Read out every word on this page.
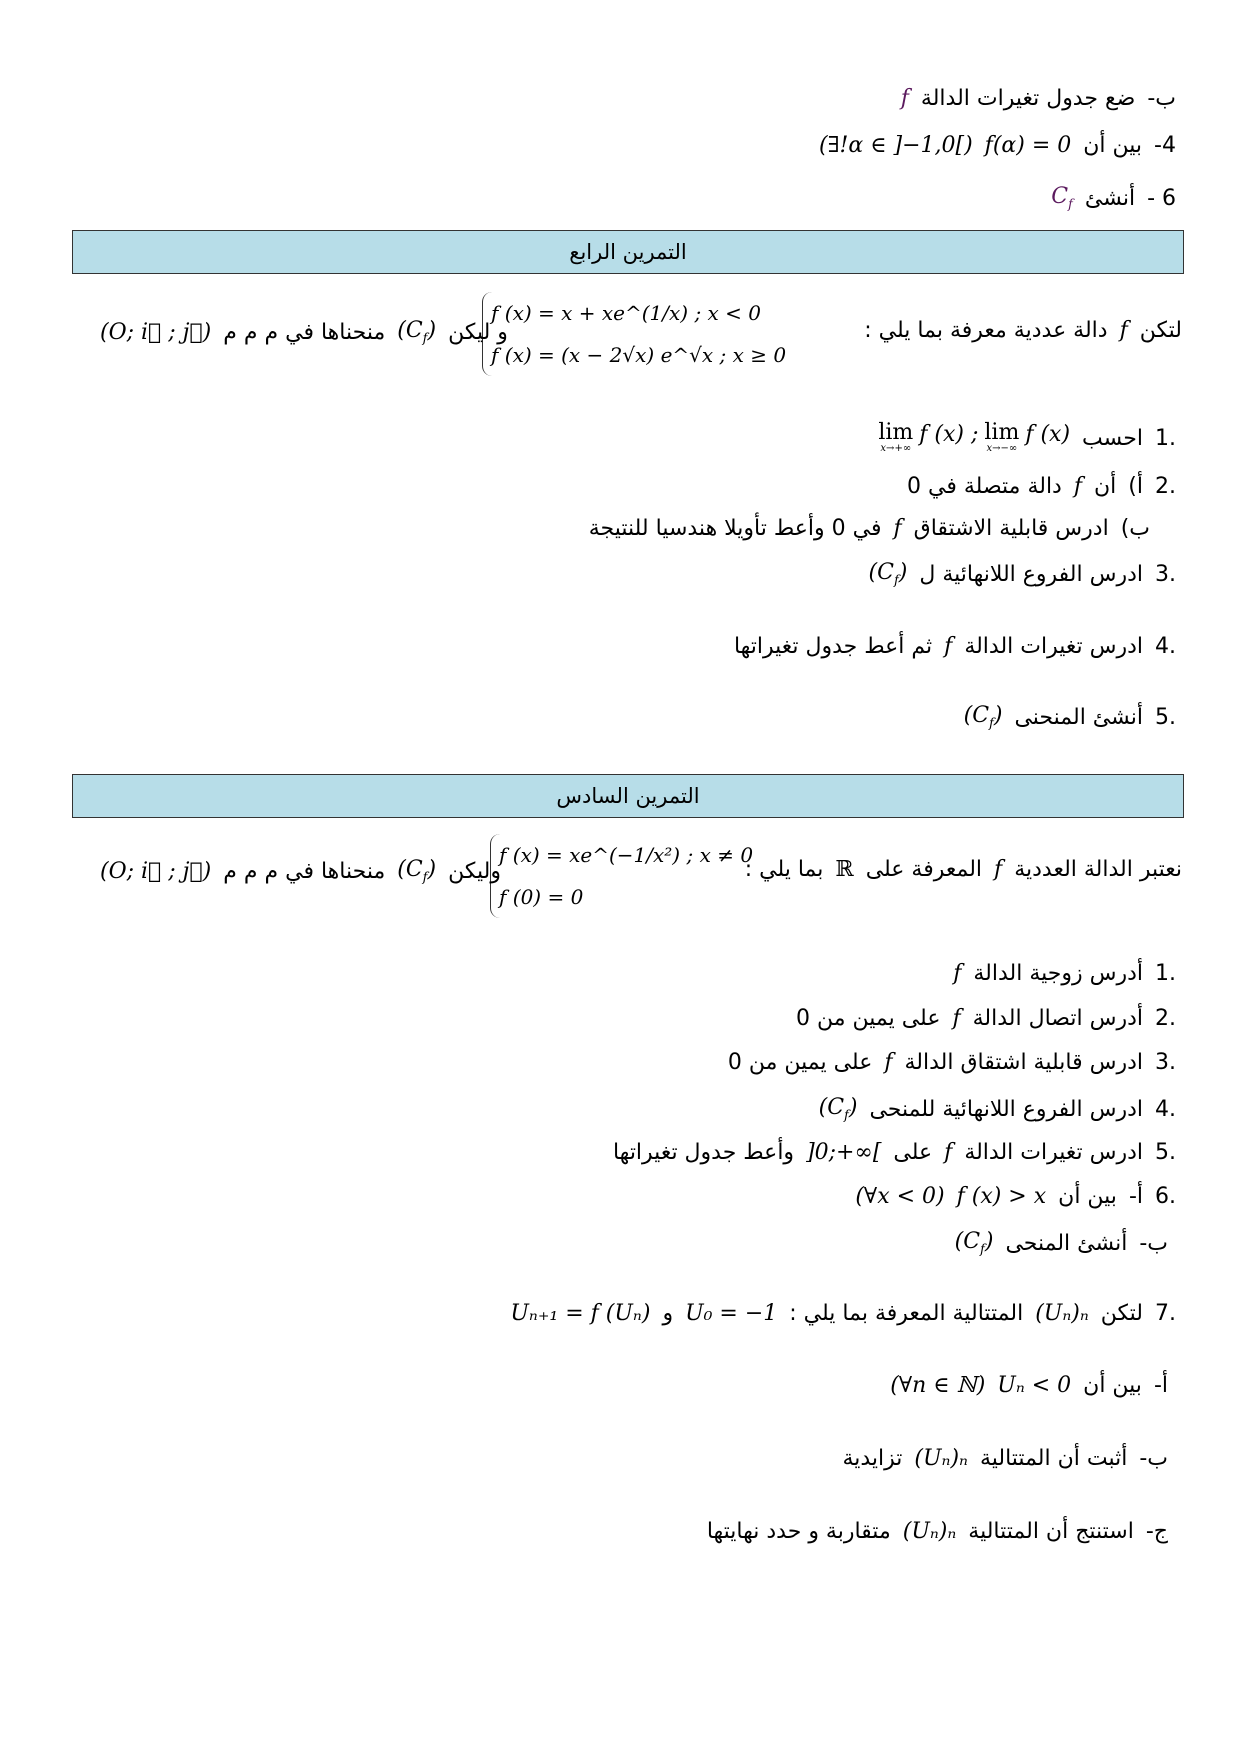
ب-
ضع جدول تغيرات الدالة
f
4-
بين أن
f(α) = 0
(∃!α ∈ ]−1,0[)
6 -
أنشئ
$C_f$
التمرين الرابع
لتكن
f
دالة عددية معرفة بما يلي :
f (x) = x + xe^(1/x) ; x < 0
f (x) = (x − 2√x) e^√x ; x ≥ 0
و ليكن
$(C_f)$
منحناها في م م م
(O; i⃗ ; j⃗)
1.
احسب
lim
x→+∞
f (x) ; lim
x→−∞
f (x)
2.
أ)
أن
f
دالة متصلة في 0
ب)
ادرس قابلية الاشتقاق
f
في 0 وأعط تأويلا هندسيا للنتيجة
3.
ادرس الفروع اللانهائية ل
$(C_f)$
4.
ادرس تغيرات الدالة
f
ثم أعط جدول تغيراتها
5.
أنشئ المنحنى
$(C_f)$
التمرين السادس
نعتبر الدالة العددية
f
المعرفة على
ℝ
بما يلي :
f (x) = xe^(−1/x²) ; x ≠ 0
f (0) = 0
وليكن
$(C_f)$
منحناها في م م م
(O; i⃗ ; j⃗)
1.
أدرس زوجية الدالة
f
2.
أدرس اتصال الدالة
f
على يمين من 0
3.
ادرس قابلية اشتقاق الدالة
f
على يمين من 0
4.
ادرس الفروع اللانهائية للمنحى
$(C_f)$
5.
ادرس تغيرات الدالة
f
على
]0;+∞[
وأعط جدول تغيراتها
6.
أ-
بين أن
f (x) > x
(∀x < 0)
ب-
أنشئ المنحى
$(C_f)$
7.
لتكن
(Uₙ)ₙ
المتتالية المعرفة بما يلي :
U₀ = −1
و
Uₙ₊₁ = f (Uₙ)
أ-
بين أن
Uₙ < 0
(∀n ∈ ℕ)
ب-
أثبت أن المتتالية
(Uₙ)ₙ
تزايدية
ج-
استنتج أن المتتالية
(Uₙ)ₙ
متقاربة و حدد نهايتها
